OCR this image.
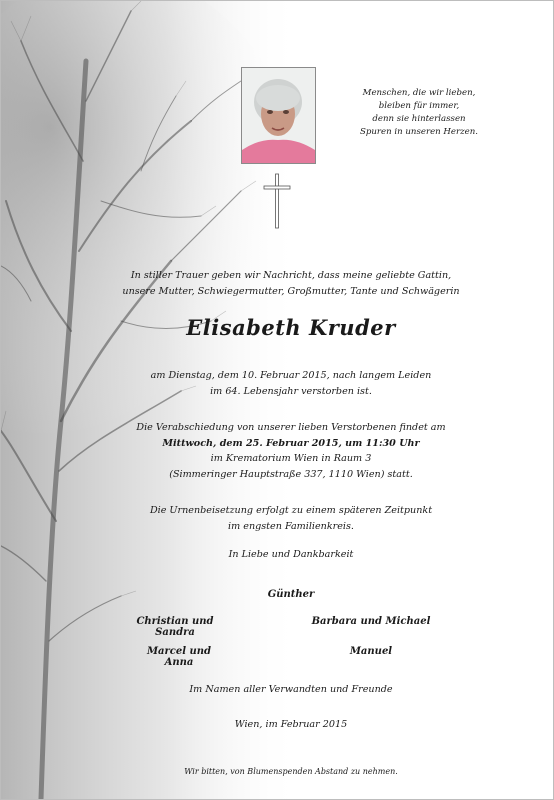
Menschen, die wir lieben,
bleiben für immer,
denn sie hinterlassen
Spuren in unseren Herzen.
In stiller Trauer geben wir Nachricht, dass meine geliebte Gattin,
unsere Mutter, Schwiegermutter, Großmutter, Tante und Schwägerin
Elisabeth Kruder
am Dienstag, dem 10. Februar 2015, nach langem Leiden
im 64. Lebensjahr verstorben ist.
Die Verabschiedung von unserer lieben Verstorbenen findet am
Mittwoch, dem 25. Februar 2015, um 11:30 Uhr
im Krematorium Wien in Raum 3
(Simmeringer Hauptstraße 337, 1110 Wien) statt.
Die Urnenbeisetzung erfolgt zu einem späteren Zeitpunkt
im engsten Familienkreis.
In Liebe und Dankbarkeit
Günther
Christian und Sandra
Barbara und Michael
Marcel und Anna
Manuel
Im Namen aller Verwandten und Freunde
Wien, im Februar 2015
Wir bitten, von Blumenspenden Abstand zu nehmen.
